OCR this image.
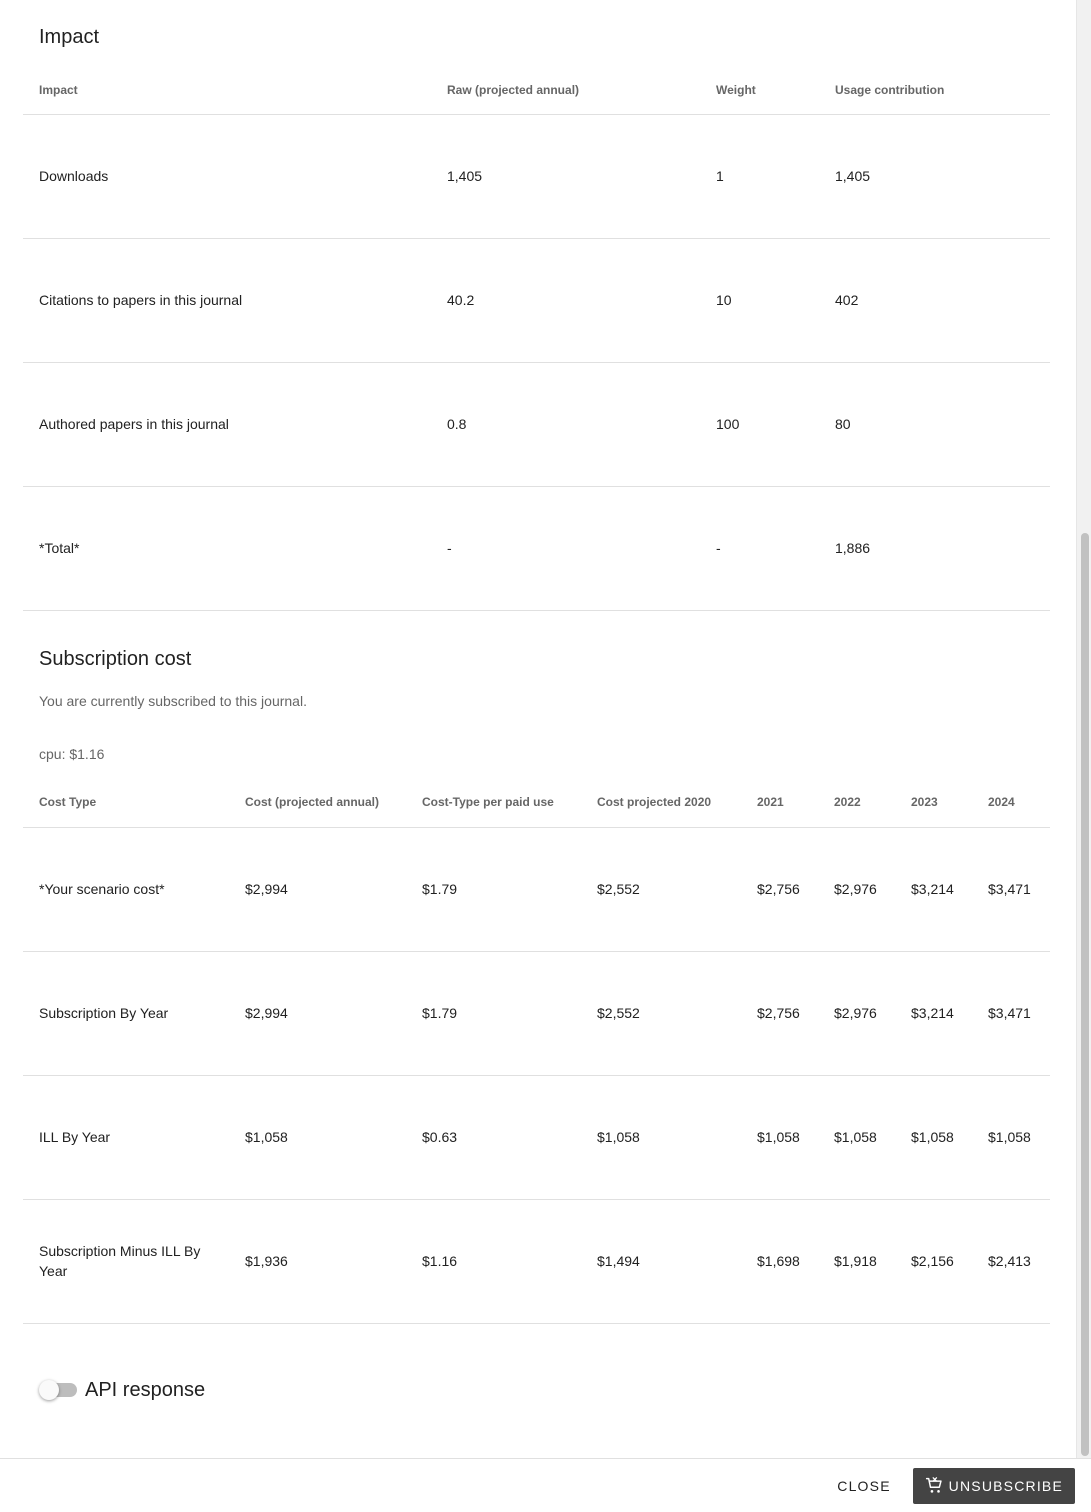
Impact
Impact	Raw (projected annual)	Weight	Usage contribution
Downloads	1,405	1	1,405
Citations to papers in this journal	40.2	10	402
Authored papers in this journal	0.8	100	80
*Total*	-	-	1,886
Subscription cost
You are currently subscribed to this journal.
cpu: $1.16
Cost Type	Cost (projected annual)	Cost-Type per paid use	Cost projected 2020	2021	2022	2023	2024
*Your scenario cost*	$2,994	$1.79	$2,552	$2,756	$2,976	$3,214	$3,471
Subscription By Year	$2,994	$1.79	$2,552	$2,756	$2,976	$3,214	$3,471
ILL By Year	$1,058	$0.63	$1,058	$1,058	$1,058	$1,058	$1,058
Subscription Minus ILL By Year	$1,936	$1.16	$1,494	$1,698	$1,918	$2,156	$2,413
API response
CLOSE	UNSUBSCRIBE
